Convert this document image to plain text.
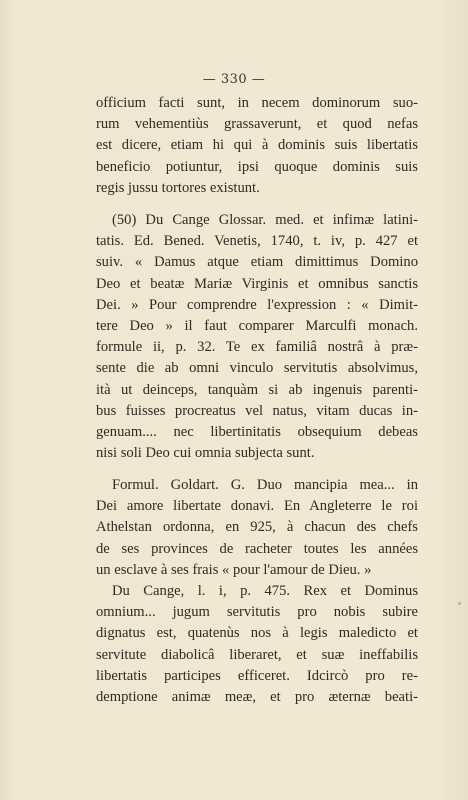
— 330 —
officium facti sunt, in necem dominorum suo-
rum vehementiùs grassaverunt, et quod nefas
est dicere, etiam hi qui à dominis suis libertatis
beneficio potiuntur, ipsi quoque dominis suis
regis jussu tortores existunt.
(50) Du Cange Glossar. med. et infimæ latini-
tatis. Ed. Bened. Venetis, 1740, t. iv, p. 427 et
suiv. « Damus atque etiam dimittimus Domino
Deo et beatæ Mariæ Virginis et omnibus sanctis
Dei. » Pour comprendre l'expression : « Dimit-
tere Deo » il faut comparer Marculfi monach.
formule ii, p. 32. Te ex familiâ nostrâ à præ-
sente die ab omni vinculo servitutis absolvimus,
ità ut deinceps, tanquàm si ab ingenuis parenti-
bus fuisses procreatus vel natus, vitam ducas in-
genuam.... nec libertinitatis obsequium debeas
nisi soli Deo cui omnia subjecta sunt.
Formul. Goldart. G. Duo mancipia mea... in
Dei amore libertate donavi. En Angleterre le roi
Athelstan ordonna, en 925, à chacun des chefs
de ses provinces de racheter toutes les années
un esclave à ses frais « pour l'amour de Dieu. »
Du Cange, l. i, p. 475. Rex et Dominus
omnium... jugum servitutis pro nobis subire
dignatus est, quatenùs nos à legis maledicto et
servitute diabolicâ liberaret, et suæ ineffabilis
libertatis participes efficeret. Idcircò pro re-
demptione animæ meæ, et pro æternæ beati-
